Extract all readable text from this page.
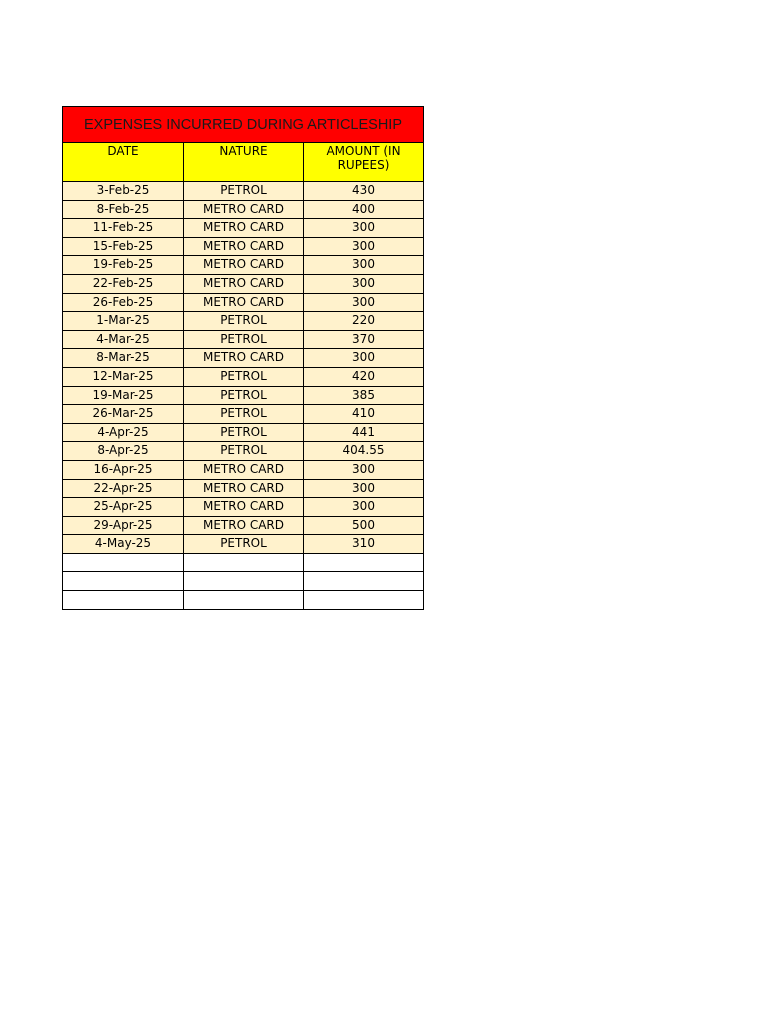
EXPENSES INCURRED DURING ARTICLESHIP		
DATE	NATURE	AMOUNT (IN RUPEES)
3-Feb-25	PETROL	430
8-Feb-25	METRO CARD	400
11-Feb-25	METRO CARD	300
15-Feb-25	METRO CARD	300
19-Feb-25	METRO CARD	300
22-Feb-25	METRO CARD	300
26-Feb-25	METRO CARD	300
1-Mar-25	PETROL	220
4-Mar-25	PETROL	370
8-Mar-25	METRO CARD	300
12-Mar-25	PETROL	420
19-Mar-25	PETROL	385
26-Mar-25	PETROL	410
4-Apr-25	PETROL	441
8-Apr-25	PETROL	404.55
16-Apr-25	METRO CARD	300
22-Apr-25	METRO CARD	300
25-Apr-25	METRO CARD	300
29-Apr-25	METRO CARD	500
4-May-25	PETROL	310
